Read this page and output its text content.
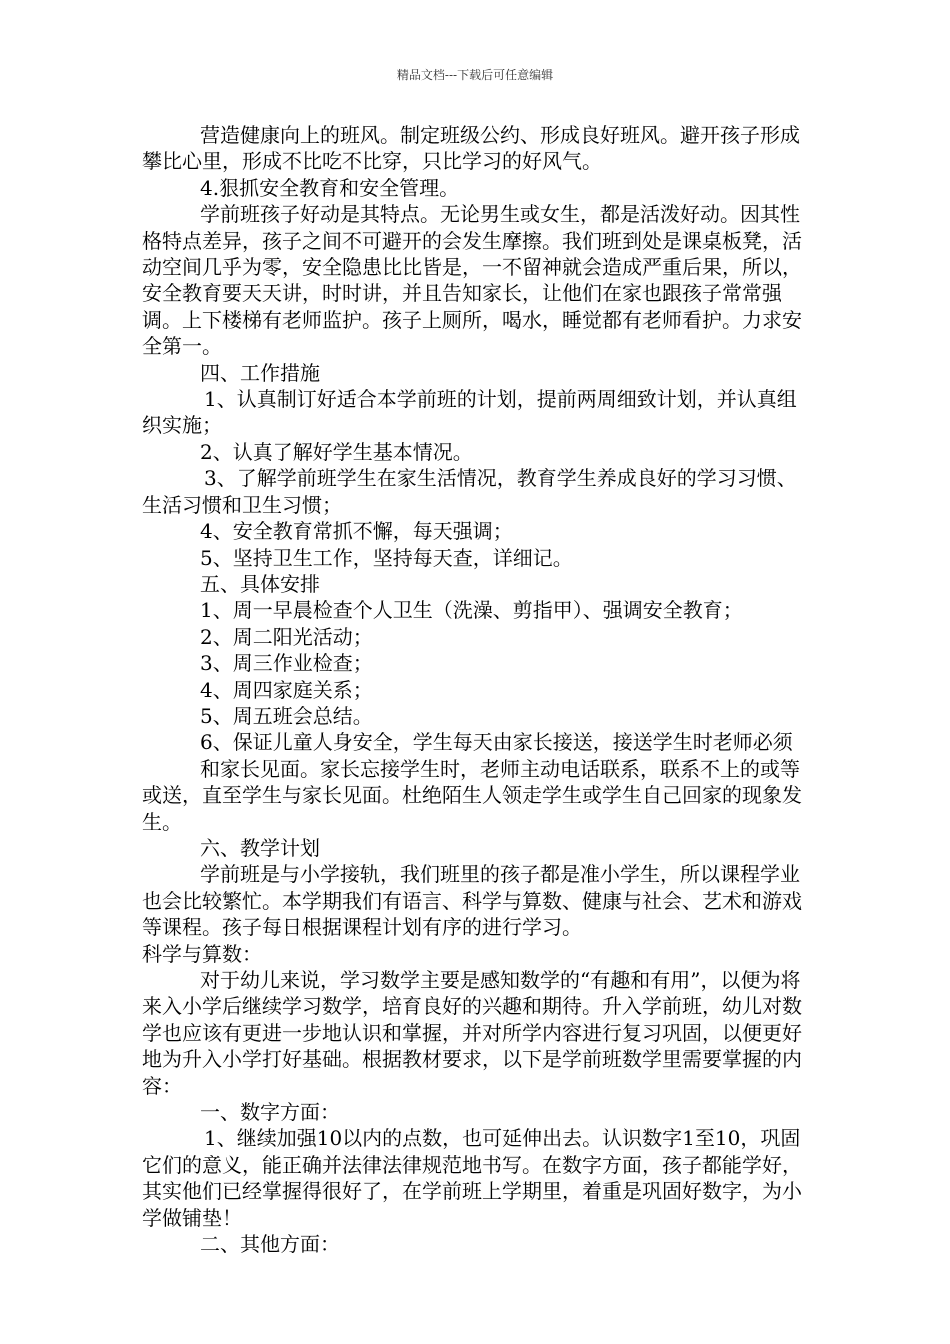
精品文档---下载后可任意编辑

营造健康向上的班风。制定班级公约、形成良好班风。避开孩子形成攀比心里，形成不比吃不比穿，只比学习的好风气。

4.狠抓安全教育和安全管理。

学前班孩子好动是其特点。无论男生或女生，都是活泼好动。因其性格特点差异，孩子之间不可避开的会发生摩擦。我们班到处是课桌板凳，活动空间几乎为零，安全隐患比比皆是，一不留神就会造成严重后果，所以，安全教育要天天讲，时时讲，并且告知家长，让他们在家也跟孩子常常强调。上下楼梯有老师监护。孩子上厕所，喝水，睡觉都有老师看护。力求安全第一。

四、工作措施

1、认真制订好适合本学前班的计划，提前两周细致计划，并认真组织实施；

2、认真了解好学生基本情况。

3、了解学前班学生在家生活情况，教育学生养成良好的学习习惯、生活习惯和卫生习惯；

4、安全教育常抓不懈，每天强调；

5、坚持卫生工作，坚持每天查，详细记。

五、具体安排

1、周一早晨检查个人卫生（洗澡、剪指甲）、强调安全教育；

2、周二阳光活动；

3、周三作业检查；

4、周四家庭关系；

5、周五班会总结。

6、保证儿童人身安全，学生每天由家长接送，接送学生时老师必须

和家长见面。家长忘接学生时，老师主动电话联系，联系不上的或等或送，直至学生与家长见面。杜绝陌生人领走学生或学生自己回家的现象发生。

六、教学计划

学前班是与小学接轨，我们班里的孩子都是准小学生，所以课程学业也会比较繁忙。本学期我们有语言、科学与算数、健康与社会、艺术和游戏等课程。孩子每日根据课程计划有序的进行学习。

科学与算数：

对于幼儿来说，学习数学主要是感知数学的“有趣和有用”，以便为将来入小学后继续学习数学，培育良好的兴趣和期待。升入学前班，幼儿对数学也应该有更进一步地认识和掌握，并对所学内容进行复习巩固，以便更好地为升入小学打好基础。根据教材要求，以下是学前班数学里需要掌握的内容：

一、数字方面：

1、继续加强10以内的点数，也可延伸出去。认识数字1至10，巩固它们的意义，能正确并法律法律规范地书写。在数字方面，孩子都能学好，其实他们已经掌握得很好了，在学前班上学期里，着重是巩固好数字，为小学做铺垫！

二、其他方面：
